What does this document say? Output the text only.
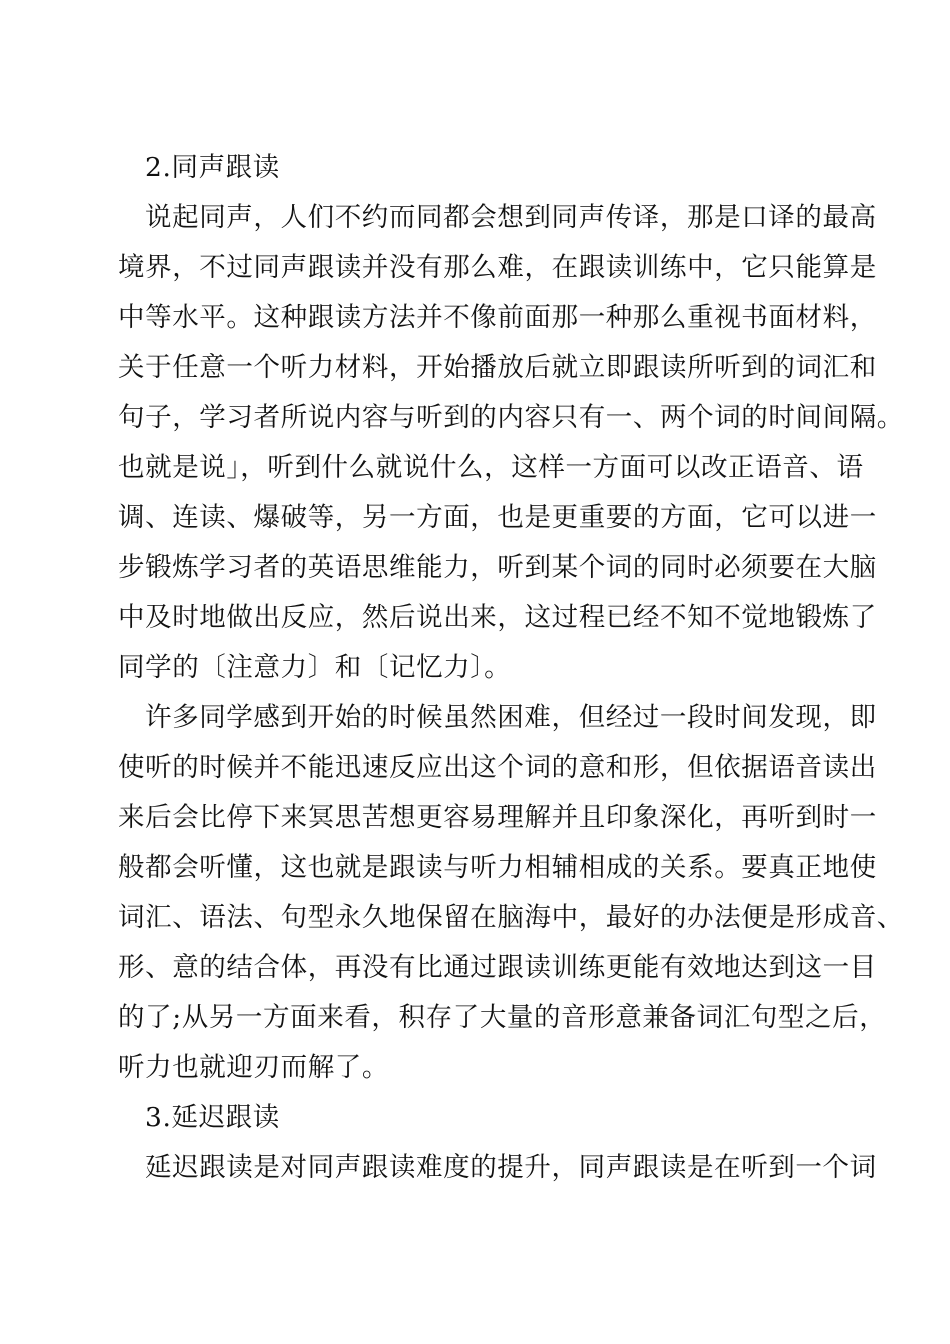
2.同声跟读
说起同声，人们不约而同都会想到同声传译，那是口译的最高
境界，不过同声跟读并没有那么难，在跟读训练中，它只能算是
中等水平。这种跟读方法并不像前面那一种那么重视书面材料，
关于任意一个听力材料，开始播放后就立即跟读所听到的词汇和
句子，学习者所说内容与听到的内容只有一、两个词的时间间隔。
也就是说」，听到什么就说什么，这样一方面可以改正语音、语
调、连读、爆破等，另一方面，也是更重要的方面，它可以进一
步锻炼学习者的英语思维能力，听到某个词的同时必须要在大脑
中及时地做出反应，然后说出来，这过程已经不知不觉地锻炼了
同学的〔注意力〕和〔记忆力〕。
许多同学感到开始的时候虽然困难，但经过一段时间发现，即
使听的时候并不能迅速反应出这个词的意和形，但依据语音读出
来后会比停下来冥思苦想更容易理解并且印象深化，再听到时一
般都会听懂，这也就是跟读与听力相辅相成的关系。要真正地使
词汇、语法、句型永久地保留在脑海中，最好的办法便是形成音、
形、意的结合体，再没有比通过跟读训练更能有效地达到这一目
的了;从另一方面来看，积存了大量的音形意兼备词汇句型之后，
听力也就迎刃而解了。
3.延迟跟读
延迟跟读是对同声跟读难度的提升，同声跟读是在听到一个词
